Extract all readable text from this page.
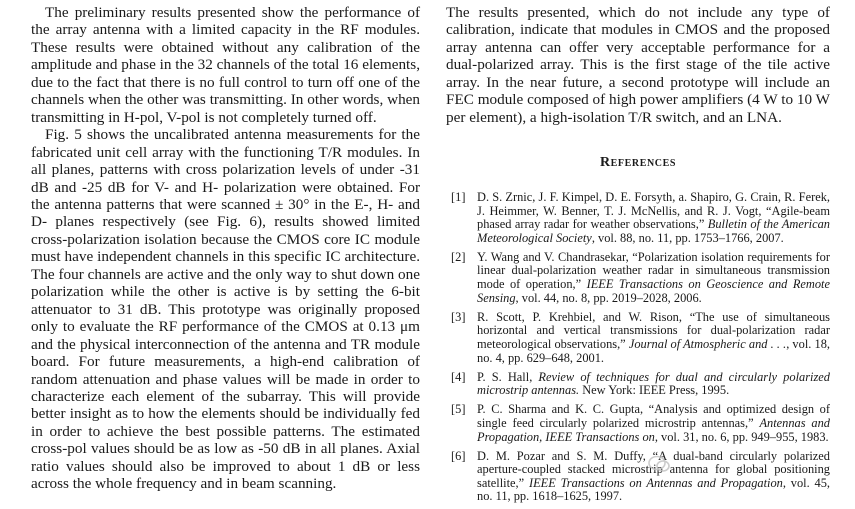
The preliminary results presented show the performance of the array antenna with a limited capacity in the RF modules. These results were obtained without any calibration of the amplitude and phase in the 32 channels of the total 16 elements, due to the fact that there is no full control to turn off one of the channels when the other was transmitting. In other words, when transmitting in H-pol, V-pol is not completely turned off.

Fig. 5 shows the uncalibrated antenna measurements for the fabricated unit cell array with the functioning T/R modules. In all planes, patterns with cross polarization levels of under -31 dB and -25 dB for V- and H- polarization were obtained. For the antenna patterns that were scanned ± 30° in the E-, H- and D- planes respectively (see Fig. 6), results showed limited cross-polarization isolation because the CMOS core IC module must have independent channels in this specific IC architecture. The four channels are active and the only way to shut down one polarization while the other is active is by setting the 6-bit attenuator to 31 dB. This prototype was originally proposed only to evaluate the RF performance of the CMOS at 0.13 μm and the physical interconnection of the antenna and TR module board. For future measurements, a high-end calibration of random attenuation and phase values will be made in order to characterize each element of the subarray. This will provide better insight as to how the elements should be individually fed in order to achieve the best possible patterns. The estimated cross-pol values should be as low as -50 dB in all planes. Axial ratio values should also be improved to about 1 dB or less across the whole frequency and in beam scanning.

The results presented, which do not include any type of calibration, indicate that modules in CMOS and the proposed array antenna can offer very acceptable performance for a dual-polarized array. This is the first stage of the tile active array. In the near future, a second prototype will include an FEC module composed of high power amplifiers (4 W to 10 W per element), a high-isolation T/R switch, and an LNA.

References
[1] D. S. Zrnic, J. F. Kimpel, D. E. Forsyth, a. Shapiro, G. Crain, R. Ferek, J. Heimmer, W. Benner, T. J. McNellis, and R. J. Vogt, “Agile-beam phased array radar for weather observations,” Bulletin of the American Meteorological Society, vol. 88, no. 11, pp. 1753–1766, 2007.
[2] Y. Wang and V. Chandrasekar, “Polarization isolation requirements for linear dual-polarization weather radar in simultaneous transmission mode of operation,” IEEE Transactions on Geoscience and Remote Sensing, vol. 44, no. 8, pp. 2019–2028, 2006.
[3] R. Scott, P. Krehbiel, and W. Rison, “The use of simultaneous horizontal and vertical transmissions for dual-polarization radar meteorological observations,” Journal of Atmospheric and . . ., vol. 18, no. 4, pp. 629–648, 2001.
[4] P. S. Hall, Review of techniques for dual and circularly polarized microstrip antennas. New York: IEEE Press, 1995.
[5] P. C. Sharma and K. C. Gupta, “Analysis and optimized design of single feed circularly polarized microstrip antennas,” Antennas and Propagation, IEEE Transactions on, vol. 31, no. 6, pp. 949–955, 1983.
[6] D. M. Pozar and S. M. Duffy, “A dual-band circularly polarized aperture-coupled stacked microstrip antenna for global positioning satellite,” IEEE Transactions on Antennas and Propagation, vol. 45, no. 11, pp. 1618–1625, 1997.
